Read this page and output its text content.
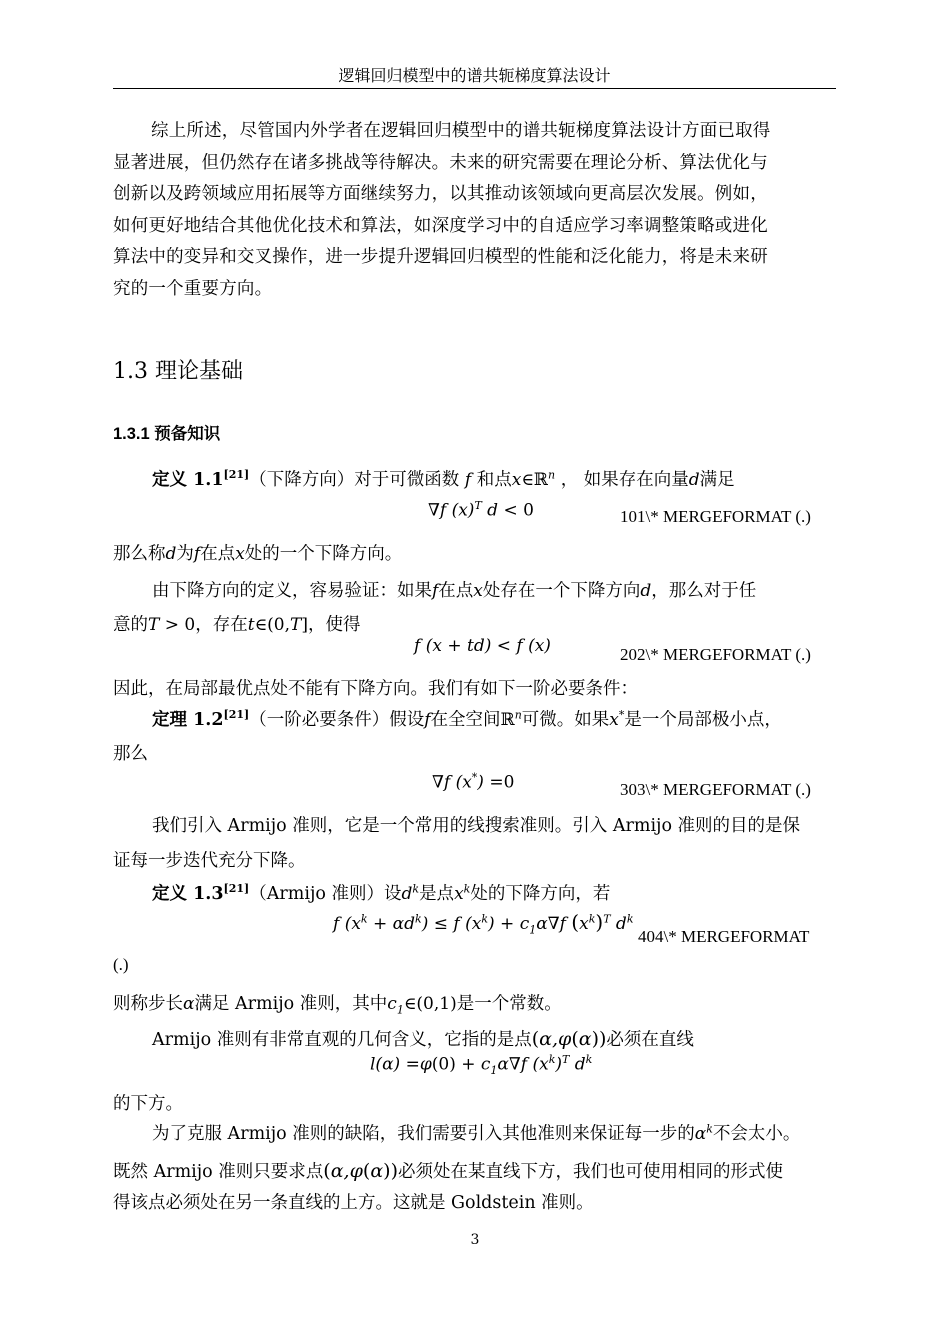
逻辑回归模型中的谱共轭梯度算法设计
综上所述，尽管国内外学者在逻辑回归模型中的谱共轭梯度算法设计方面已取得
显著进展，但仍然存在诸多挑战等待解决。未来的研究需要在理论分析、算法优化与
创新以及跨领域应用拓展等方面继续努力，以其推动该领域向更高层次发展。例如，
如何更好地结合其他优化技术和算法，如深度学习中的自适应学习率调整策略或进化
算法中的变异和交叉操作，进一步提升逻辑回归模型的性能和泛化能力，将是未来研
究的一个重要方向。
1.3 理论基础
1.3.1 预备知识
定义 1.1[21]（下降方向）对于可微函数 f 和点x∈ℝ$^n$ ， 如果存在向量d满足
∇f $(x)^T$ d < 0	101\* MERGEFORMAT (.)
那么称d为f在点x处的一个下降方向。
由下降方向的定义，容易验证：如果f在点x处存在一个下降方向d，那么对于任
意的T > 0，存在t∈(0,T]，使得
f (x + td) < f (x)	202\* MERGEFORMAT (.)
因此，在局部最优点处不能有下降方向。我们有如下一阶必要条件：
定理 1.2[21]（一阶必要条件）假设f在全空间ℝ$^n$可微。如果x*是一个局部极小点，
那么
∇f (x*) =0	303\* MERGEFORMAT (.)
我们引入 Armijo 准则，它是一个常用的线搜索准则。引入 Armijo 准则的目的是保
证每一步迭代充分下降。
定义 1.3[21]（Armijo 准则）设$d^k$是点$x^k$处的下降方向，若
f $(x^k + \alpha d^k) \le f$ $(x^k) + c_1\alpha\nabla f$ $(x^k)^T$ $d^k$
404\* MERGEFORMAT
(.)
则称步长α满足 Armijo 准则，其中$c_1\in(0,1)$是一个常数。
Armijo 准则有非常直观的几何含义，它指的是点(α,φ(α))必须在直线
$l(\alpha) =\varphi(0) + c_1\alpha\nabla f$ $(x^k)^T$ $d^k$
的下方。
为了克服 Armijo 准则的缺陷，我们需要引入其他准则来保证每一步的$\alpha^k$不会太小。
既然 Armijo 准则只要求点(α,φ(α))必须处在某直线下方，我们也可使用相同的形式使
得该点必须处在另一条直线的上方。这就是 Goldstein 准则。
3
